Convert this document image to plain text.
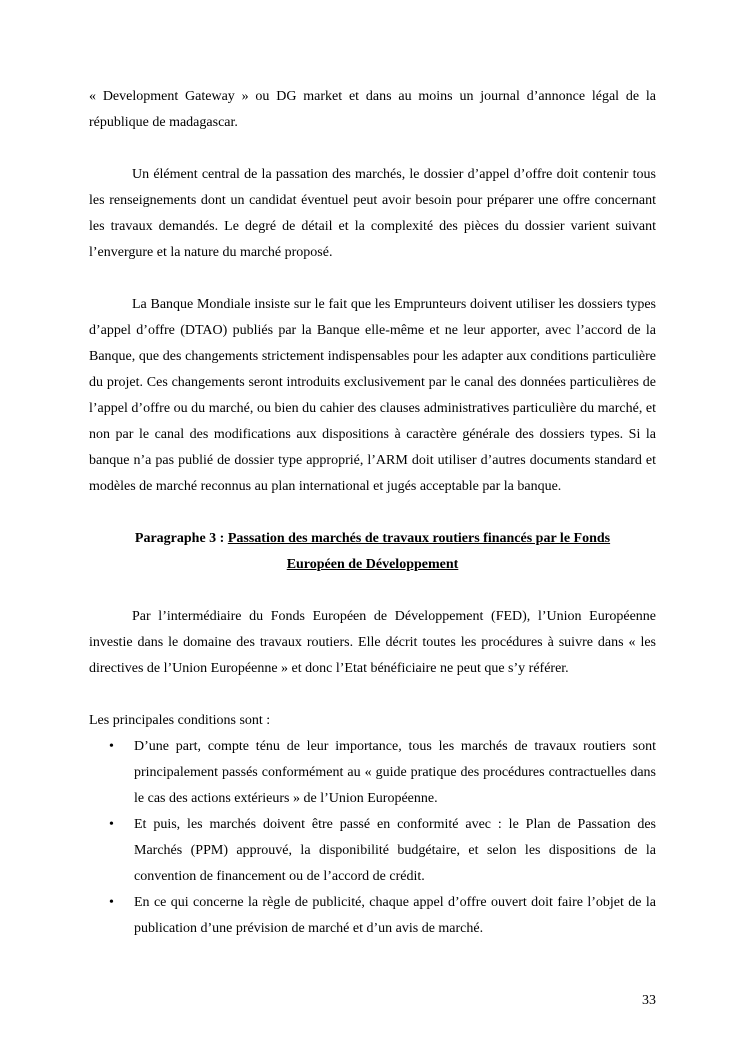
« Development Gateway » ou DG market et dans au moins un journal d’annonce légal de la république de madagascar.

Un élément central de la passation des marchés, le dossier d’appel d’offre doit contenir tous les renseignements dont un candidat éventuel peut avoir besoin pour préparer une offre concernant les travaux demandés. Le degré de détail et la complexité des pièces du dossier varient suivant l’envergure et la nature du marché proposé.

La Banque Mondiale insiste sur le fait que les Emprunteurs doivent utiliser les dossiers types d’appel d’offre (DTAO) publiés par la Banque elle-même et ne leur apporter, avec l’accord de la Banque, que des changements strictement indispensables pour les adapter aux conditions particulière du projet. Ces changements seront introduits exclusivement par le canal des données particulières de l’appel d’offre ou du marché, ou bien du cahier des clauses administratives particulière du marché, et non par le canal des modifications aux dispositions à caractère générale des dossiers types. Si la banque n’a pas publié de dossier type approprié, l’ARM doit utiliser d’autres documents standard et modèles de marché reconnus au plan international et jugés acceptable par la banque.

Paragraphe 3 : Passation des marchés de travaux routiers financés par le Fonds Européen de Développement

Par l’intermédiaire du Fonds Européen de Développement (FED), l’Union Européenne investie dans le domaine des travaux routiers. Elle décrit toutes les procédures à suivre dans « les directives de l’Union Européenne » et donc l’Etat bénéficiaire ne peut que s’y référer.

Les principales conditions sont :

• D’une part, compte ténu de leur importance, tous les marchés de travaux routiers sont principalement passés conformément au « guide pratique des procédures contractuelles dans le cas des actions extérieurs » de l’Union Européenne.
• Et puis, les marchés doivent être passé en conformité avec : le Plan de Passation des Marchés (PPM) approuvé, la disponibilité budgétaire, et selon les dispositions de la convention de financement ou de l’accord de crédit.
• En ce qui concerne la règle de publicité, chaque appel d’offre ouvert doit faire l’objet de la publication d’une prévision de marché et d’un avis de marché.
33
